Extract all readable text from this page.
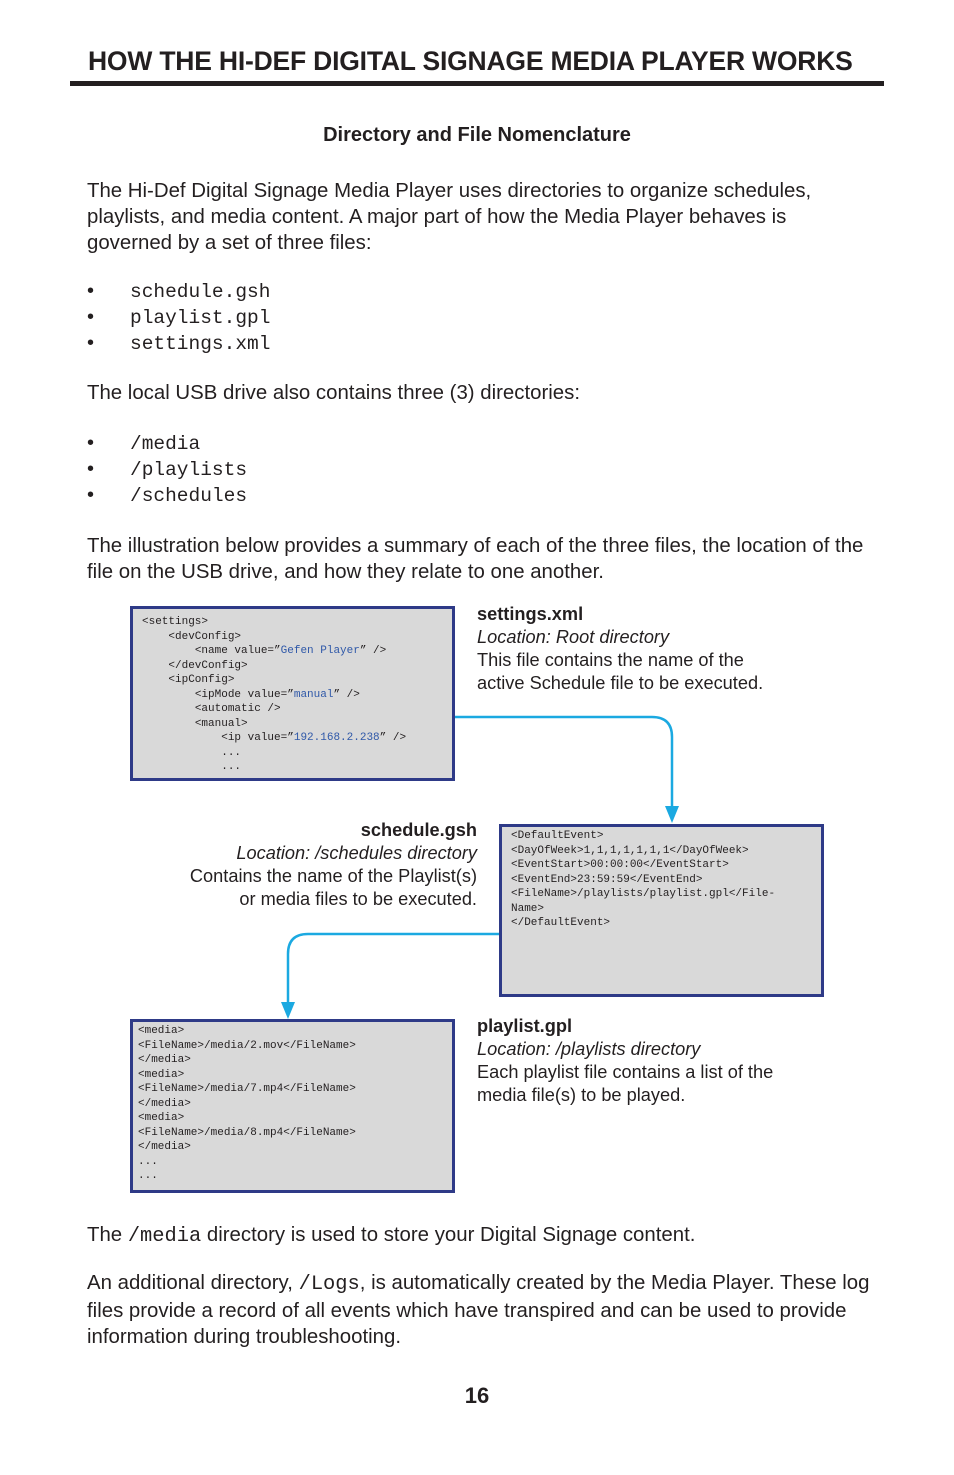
HOW THE HI-DEF DIGITAL SIGNAGE MEDIA PLAYER WORKS
Directory and File Nomenclature

The Hi-Def Digital Signage Media Player uses directories to organize schedules, playlists, and media content. A major part of how the Media Player behaves is governed by a set of three files:

• schedule.gsh
• playlist.gpl
• settings.xml

The local USB drive also contains three (3) directories:

• /media
• /playlists
• /schedules

The illustration below provides a summary of each of the three files, the location of the file on the USB drive, and how they relate to one another.

<settings>
<devConfig>
<name value=”Gefen Player” />
</devConfig>
<ipConfig>
<ipMode value=”manual” />
<automatic />
<manual>
<ip value=”192.168.2.238” />
...
...
settings.xml
Location: Root directory
This file contains the name of the
active Schedule file to be executed.
schedule.gsh
Location: /schedules directory
Contains the name of the Playlist(s)
or media files to be executed.
<DefaultEvent>
<DayOfWeek>1,1,1,1,1,1,1</DayOfWeek>
<EventStart>00:00:00</EventStart>
<EventEnd>23:59:59</EventEnd>
<FileName>/playlists/playlist.gpl</File-
Name>
</DefaultEvent>
<media>
<FileName>/media/2.mov</FileName>
</media>
<media>
<FileName>/media/7.mp4</FileName>
</media>
<media>
<FileName>/media/8.mp4</FileName>
</media>
...
...
playlist.gpl
Location: /playlists directory
Each playlist file contains a list of the
media file(s) to be played.

The /media directory is used to store your Digital Signage content.

An additional directory, /Logs, is automatically created by the Media Player. These log files provide a record of all events which have transpired and can be used to provide information during troubleshooting.

16
